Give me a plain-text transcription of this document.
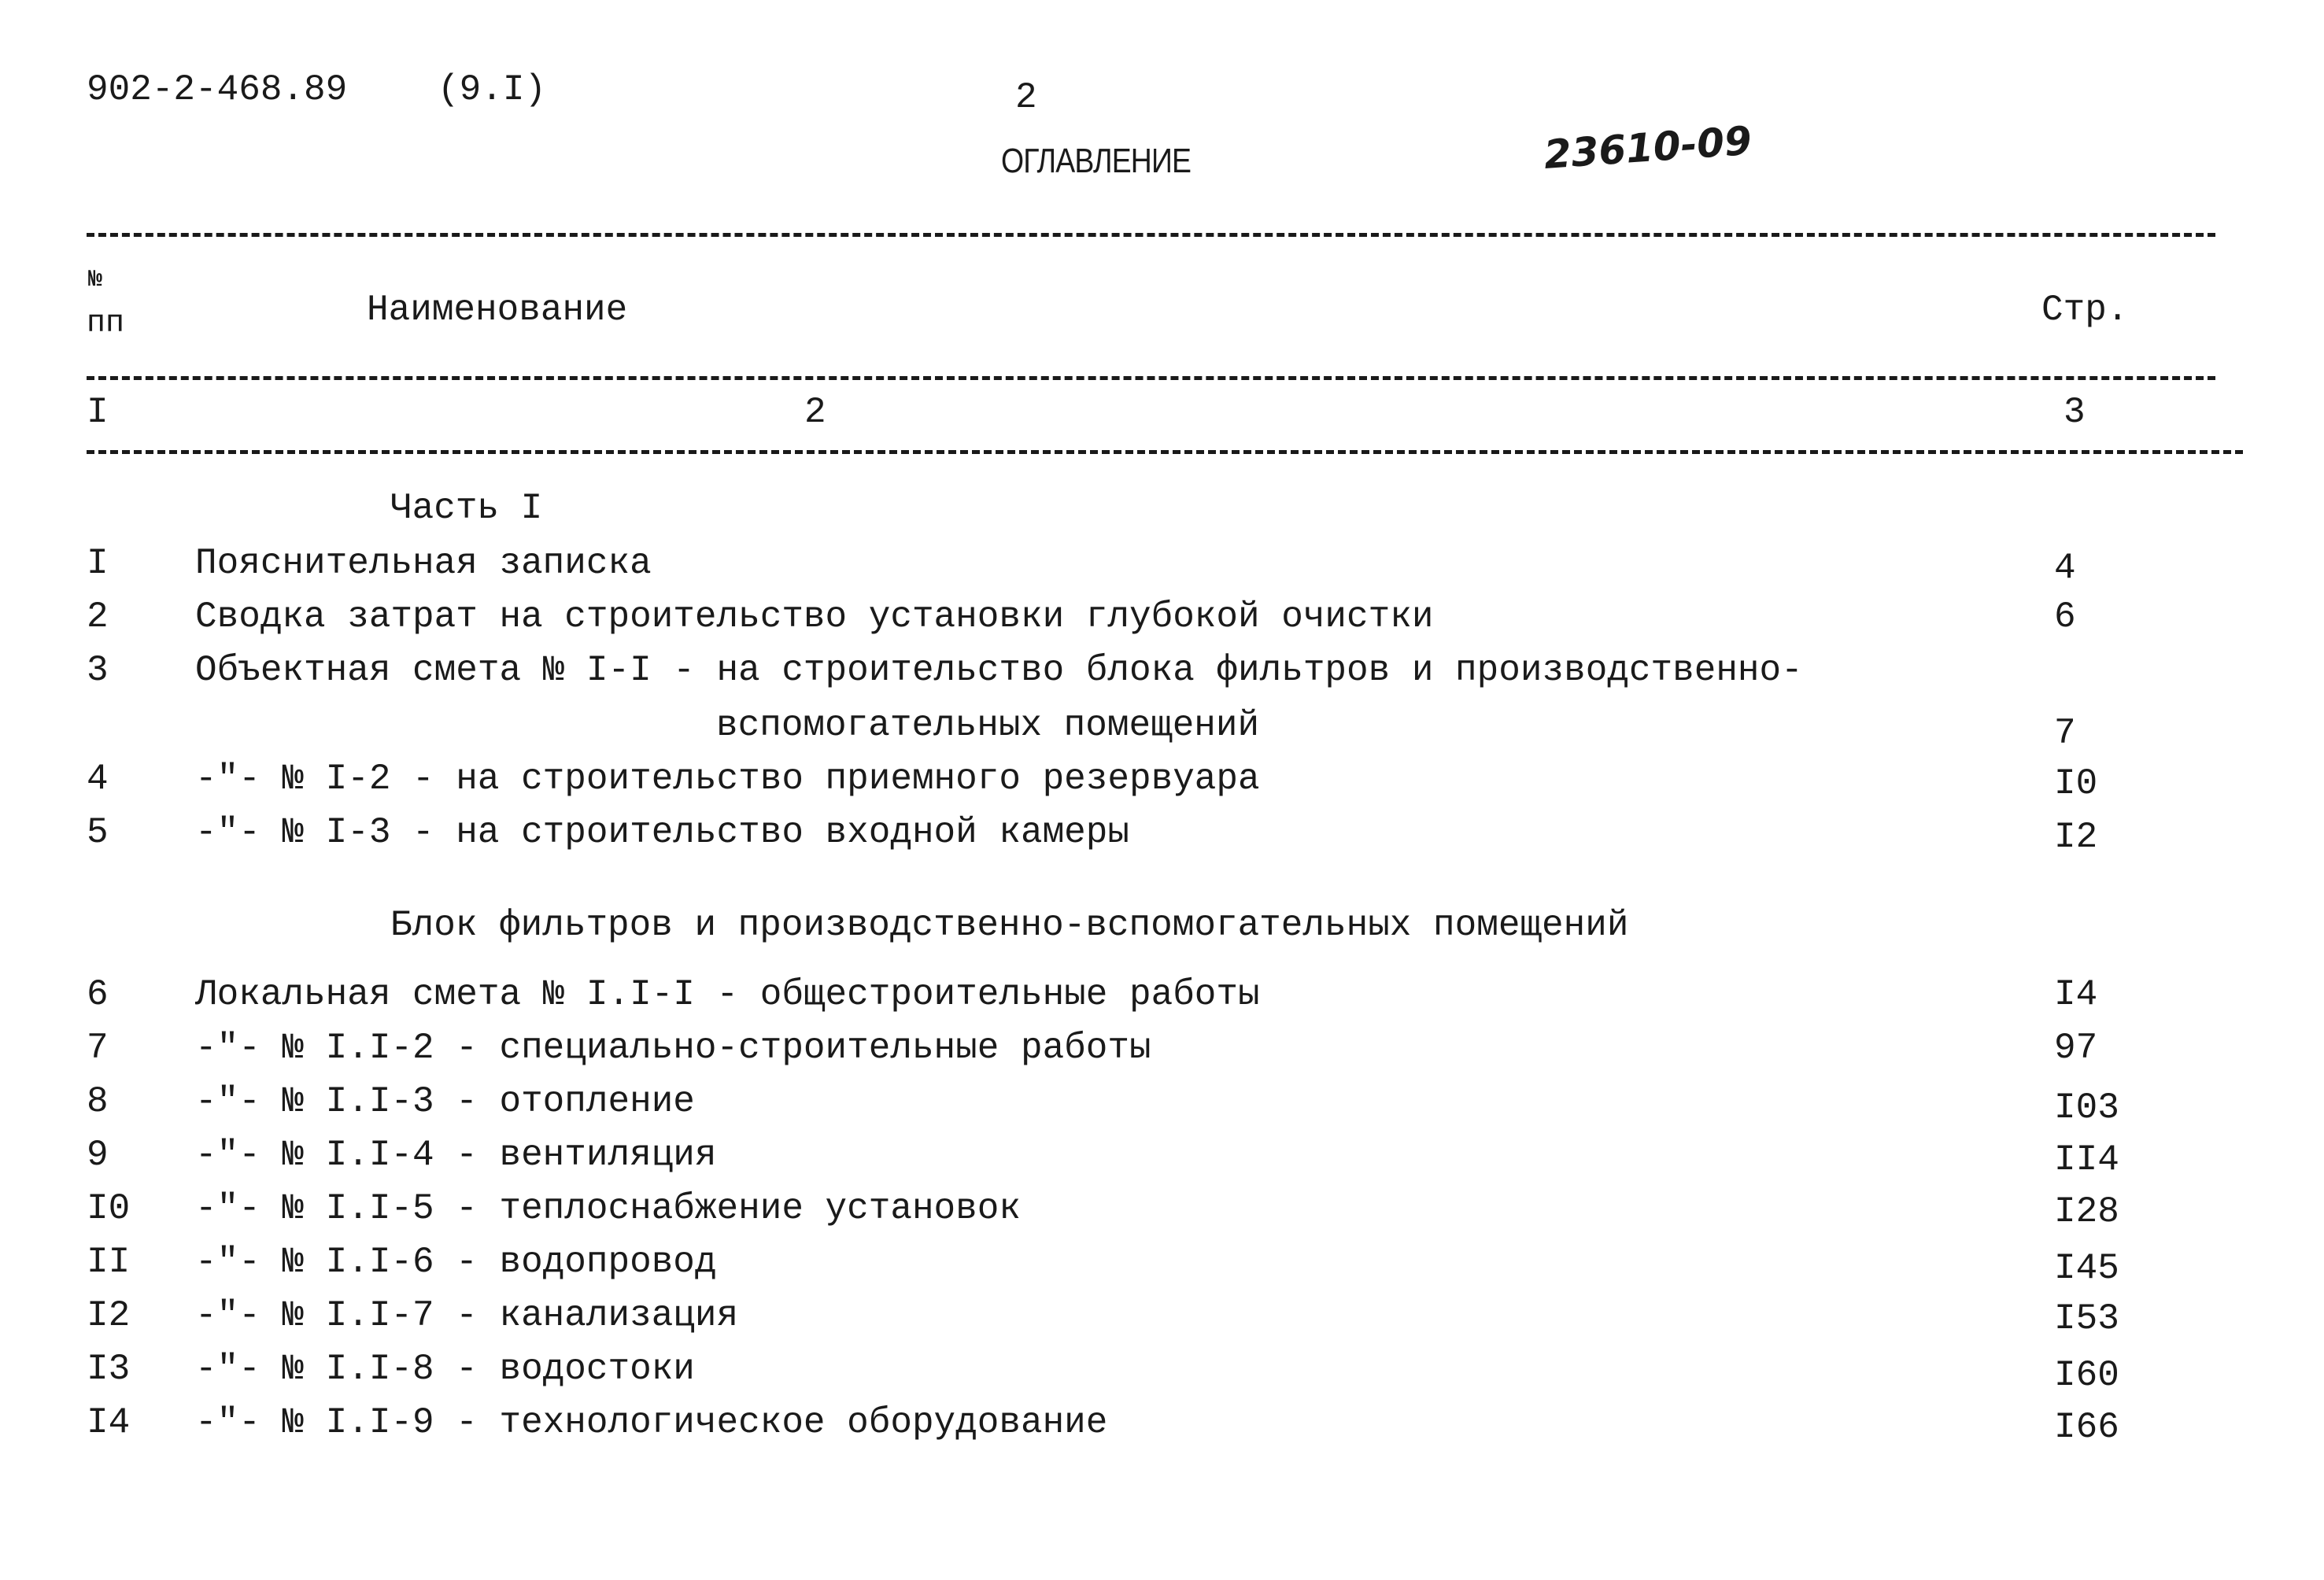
902-2-468.89 (9.I)	2
ОГЛАВЛЕНИЕ	23610-09
№
пп	Наименование	Стр.
I	2	3
Часть I
I Пояснительная записка	4
2 Сводка затрат на строительство установки глубокой очистки	6
3 Объектная смета № I-I - на строительство блока фильтров и производственно-
вспомогательных помещений	7
4 -"- № I-2 - на строительство приемного резервуара	I0
5 -"- № I-3 - на строительство входной камеры	I2
Блок фильтров и производственно-вспомогательных помещений
6 Локальная смета № I.I-I - общестроительные работы	I4
7 -"- № I.I-2 - специально-строительные работы	97
8 -"- № I.I-3 - отопление	I03
9 -"- № I.I-4 - вентиляция	II4
I0 -"- № I.I-5 - теплоснабжение установок	I28
II -"- № I.I-6 - водопровод	I45
I2 -"- № I.I-7 - канализация	I53
I3 -"- № I.I-8 - водостоки	I60
I4 -"- № I.I-9 - технологическое оборудование	I66
